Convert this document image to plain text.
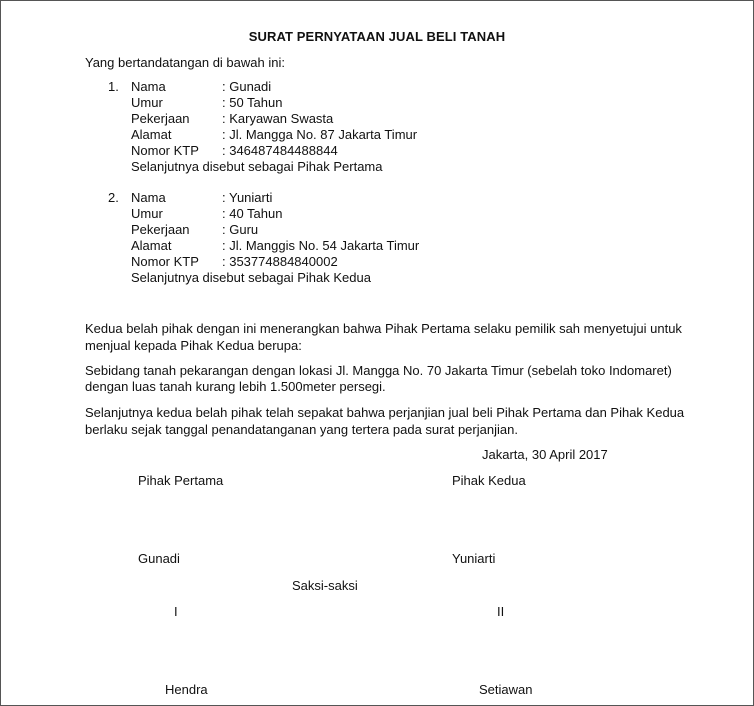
SURAT PERNYATAAN JUAL BELI TANAH
Yang bertandatangan di bawah ini:
1. Nama	: Gunadi
Umur	: 50 Tahun
Pekerjaan : Karyawan Swasta
Alamat	: Jl. Mangga No. 87 Jakarta Timur
Nomor KTP : 346487484488844
Selanjutnya disebut sebagai Pihak Pertama
2. Nama	: Yuniarti
Umur	: 40 Tahun
Pekerjaan : Guru
Alamat	: Jl. Manggis No. 54 Jakarta Timur
Nomor KTP : 353774884840002
Selanjutnya disebut sebagai Pihak Kedua
Kedua belah pihak dengan ini menerangkan bahwa Pihak Pertama selaku pemilik sah menyetujui untuk
menjual kepada Pihak Kedua berupa:
Sebidang tanah pekarangan dengan lokasi Jl. Mangga No. 70 Jakarta Timur (sebelah toko Indomaret)
dengan luas tanah kurang lebih 1.500meter persegi.
Selanjutnya kedua belah pihak telah sepakat bahwa perjanjian jual beli Pihak Pertama dan Pihak Kedua
berlaku sejak tanggal penandatanganan yang tertera pada surat perjanjian.
Jakarta, 30 April 2017
Pihak Pertama	Pihak Kedua
Gunadi	Yuniarti
Saksi-saksi
I	II
Hendra	Setiawan
